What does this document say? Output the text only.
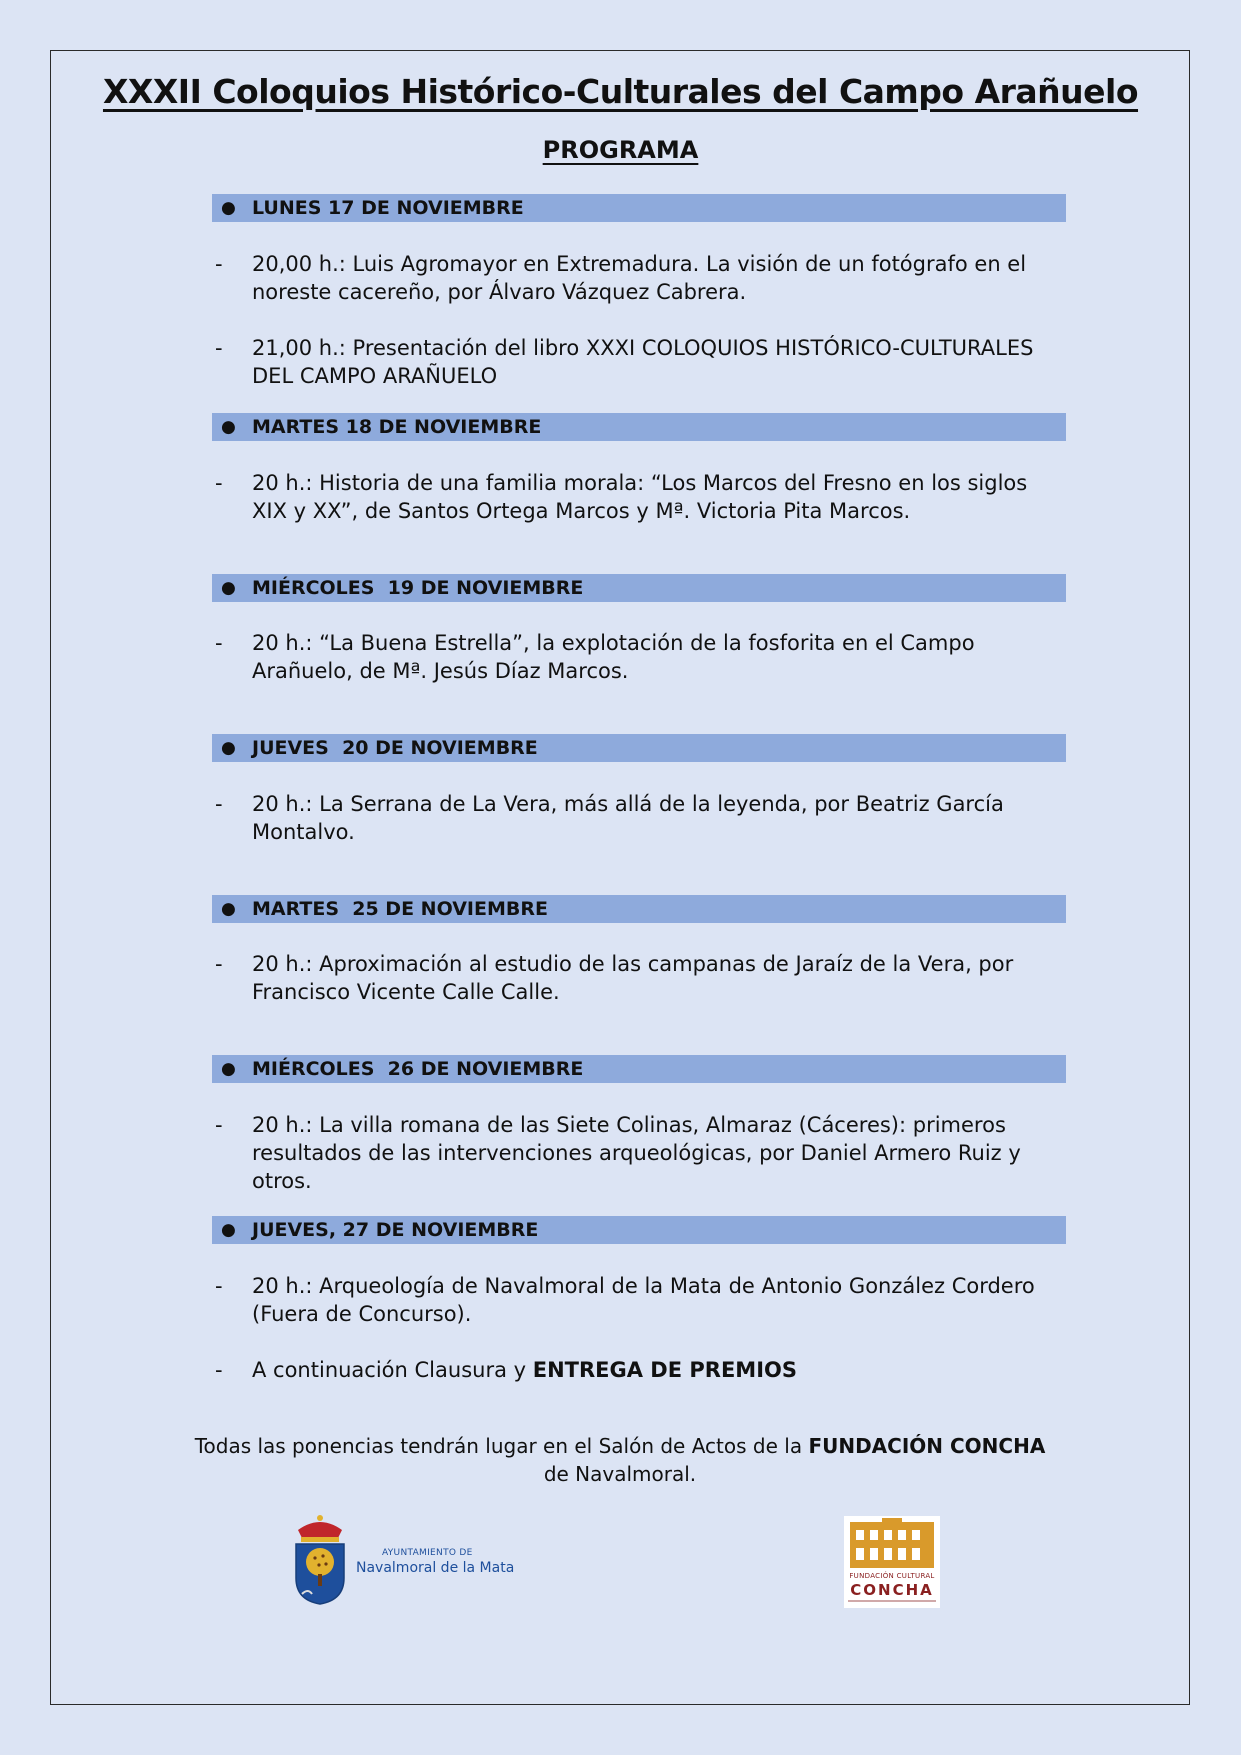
XXXII Coloquios Histórico-Culturales del Campo Arañuelo
PROGRAMA
● LUNES 17 DE NOVIEMBRE
- 20,00 h.: Luis Agromayor en Extremadura. La visión de un fotógrafo en el noreste cacereño, por Álvaro Vázquez Cabrera.
- 21,00 h.: Presentación del libro XXXI COLOQUIOS HISTÓRICO-CULTURALES DEL CAMPO ARAÑUELO
● MARTES 18 DE NOVIEMBRE
- 20 h.: Historia de una familia morala: “Los Marcos del Fresno en los siglos XIX y XX”, de Santos Ortega Marcos y Mª. Victoria Pita Marcos.
● MIÉRCOLES  19 DE NOVIEMBRE
- 20 h.: “La Buena Estrella”, la explotación de la fosforita en el Campo Arañuelo, de Mª. Jesús Díaz Marcos.
● JUEVES  20 DE NOVIEMBRE
- 20 h.: La Serrana de La Vera, más allá de la leyenda, por Beatriz García Montalvo.
● MARTES  25 DE NOVIEMBRE
- 20 h.: Aproximación al estudio de las campanas de Jaraíz de la Vera, por Francisco Vicente Calle Calle.
● MIÉRCOLES  26 DE NOVIEMBRE
- 20 h.: La villa romana de las Siete Colinas, Almaraz (Cáceres): primeros resultados de las intervenciones arqueológicas, por Daniel Armero Ruiz y otros.
● JUEVES, 27 DE NOVIEMBRE
- 20 h.: Arqueología de Navalmoral de la Mata de Antonio González Cordero (Fuera de Concurso).
- A continuación Clausura y ENTREGA DE PREMIOS
Todas las ponencias tendrán lugar en el Salón de Actos de la FUNDACIÓN CONCHA de Navalmoral.
AYUNTAMIENTO DE
Navalmoral de la Mata	FUNDACIÓN CULTURAL
CONCHA
